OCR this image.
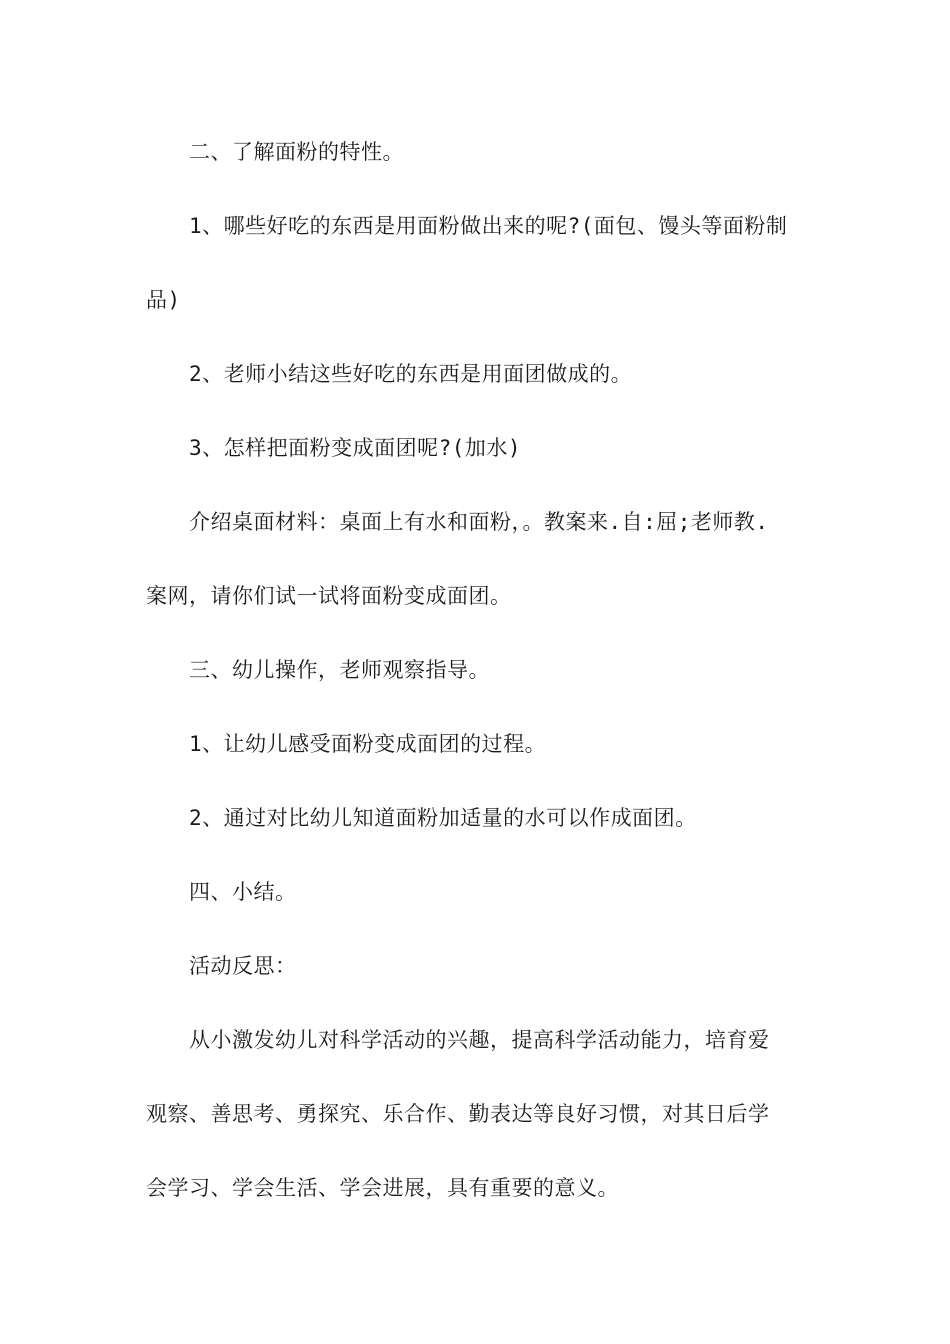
二、了解面粉的特性。

1、哪些好吃的东西是用面粉做出来的呢?(面包、馒头等面粉制

品)

2、老师小结这些好吃的东西是用面团做成的。

3、怎样把面粉变成面团呢?(加水)

介绍桌面材料：桌面上有水和面粉，。教案来.自:屈;老师教.

案网，请你们试一试将面粉变成面团。

三、幼儿操作，老师观察指导。

1、让幼儿感受面粉变成面团的过程。

2、通过对比幼儿知道面粉加适量的水可以作成面团。

四、小结。

活动反思：

从小激发幼儿对科学活动的兴趣，提高科学活动能力，培育爱

观察、善思考、勇探究、乐合作、勤表达等良好习惯，对其日后学

会学习、学会生活、学会进展，具有重要的意义。
